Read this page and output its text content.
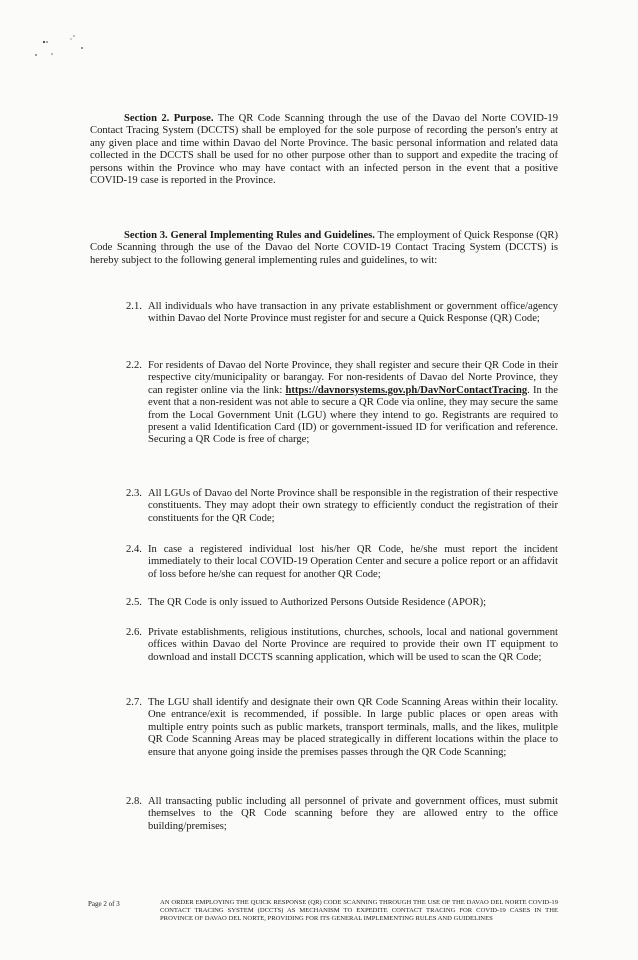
Section 2. Purpose. The QR Code Scanning through the use of the Davao del Norte COVID-19 Contact Tracing System (DCCTS) shall be employed for the sole purpose of recording the person's entry at any given place and time within Davao del Norte Province. The basic personal information and related data collected in the DCCTS shall be used for no other purpose other than to support and expedite the tracing of persons within the Province who may have contact with an infected person in the event that a positive COVID-19 case is reported in the Province.
Section 3. General Implementing Rules and Guidelines. The employment of Quick Response (QR) Code Scanning through the use of the Davao del Norte COVID-19 Contact Tracing System (DCCTS) is hereby subject to the following general implementing rules and guidelines, to wit:
2.1. All individuals who have transaction in any private establishment or government office/agency within Davao del Norte Province must register for and secure a Quick Response (QR) Code;
2.2. For residents of Davao del Norte Province, they shall register and secure their QR Code in their respective city/municipality or barangay. For non-residents of Davao del Norte Province, they can register online via the link: https://davnorsystems.gov.ph/DavNorContactTracing. In the event that a non-resident was not able to secure a QR Code via online, they may secure the same from the Local Government Unit (LGU) where they intend to go. Registrants are required to present a valid Identification Card (ID) or government-issued ID for verification and reference. Securing a QR Code is free of charge;
2.3. All LGUs of Davao del Norte Province shall be responsible in the registration of their respective constituents. They may adopt their own strategy to efficiently conduct the registration of their constituents for the QR Code;
2.4. In case a registered individual lost his/her QR Code, he/she must report the incident immediately to their local COVID-19 Operation Center and secure a police report or an affidavit of loss before he/she can request for another QR Code;
2.5. The QR Code is only issued to Authorized Persons Outside Residence (APOR);
2.6. Private establishments, religious institutions, churches, schools, local and national government offices within Davao del Norte Province are required to provide their own IT equipment to download and install DCCTS scanning application, which will be used to scan the QR Code;
2.7. The LGU shall identify and designate their own QR Code Scanning Areas within their locality. One entrance/exit is recommended, if possible. In large public places or open areas with multiple entry points such as public markets, transport terminals, malls, and the likes, mulitple QR Code Scanning Areas may be placed strategically in different locations within the place to ensure that anyone going inside the premises passes through the QR Code Scanning;
2.8. All transacting public including all personnel of private and government offices, must submit themselves to the QR Code scanning before they are allowed entry to the office building/premises;
Page 2 of 3	AN ORDER EMPLOYING THE QUICK RESPONSE (QR) CODE SCANNING THROUGH THE USE OF THE DAVAO DEL NORTE COVID-19 CONTACT TRACING SYSTEM (DCCTS) AS MECHANISM TO EXPEDITE CONTACT TRACING FOR COVID-19 CASES IN THE PROVINCE OF DAVAO DEL NORTE, PROVIDING FOR ITS GENERAL IMPLEMENTING RULES AND GUIDELINES
